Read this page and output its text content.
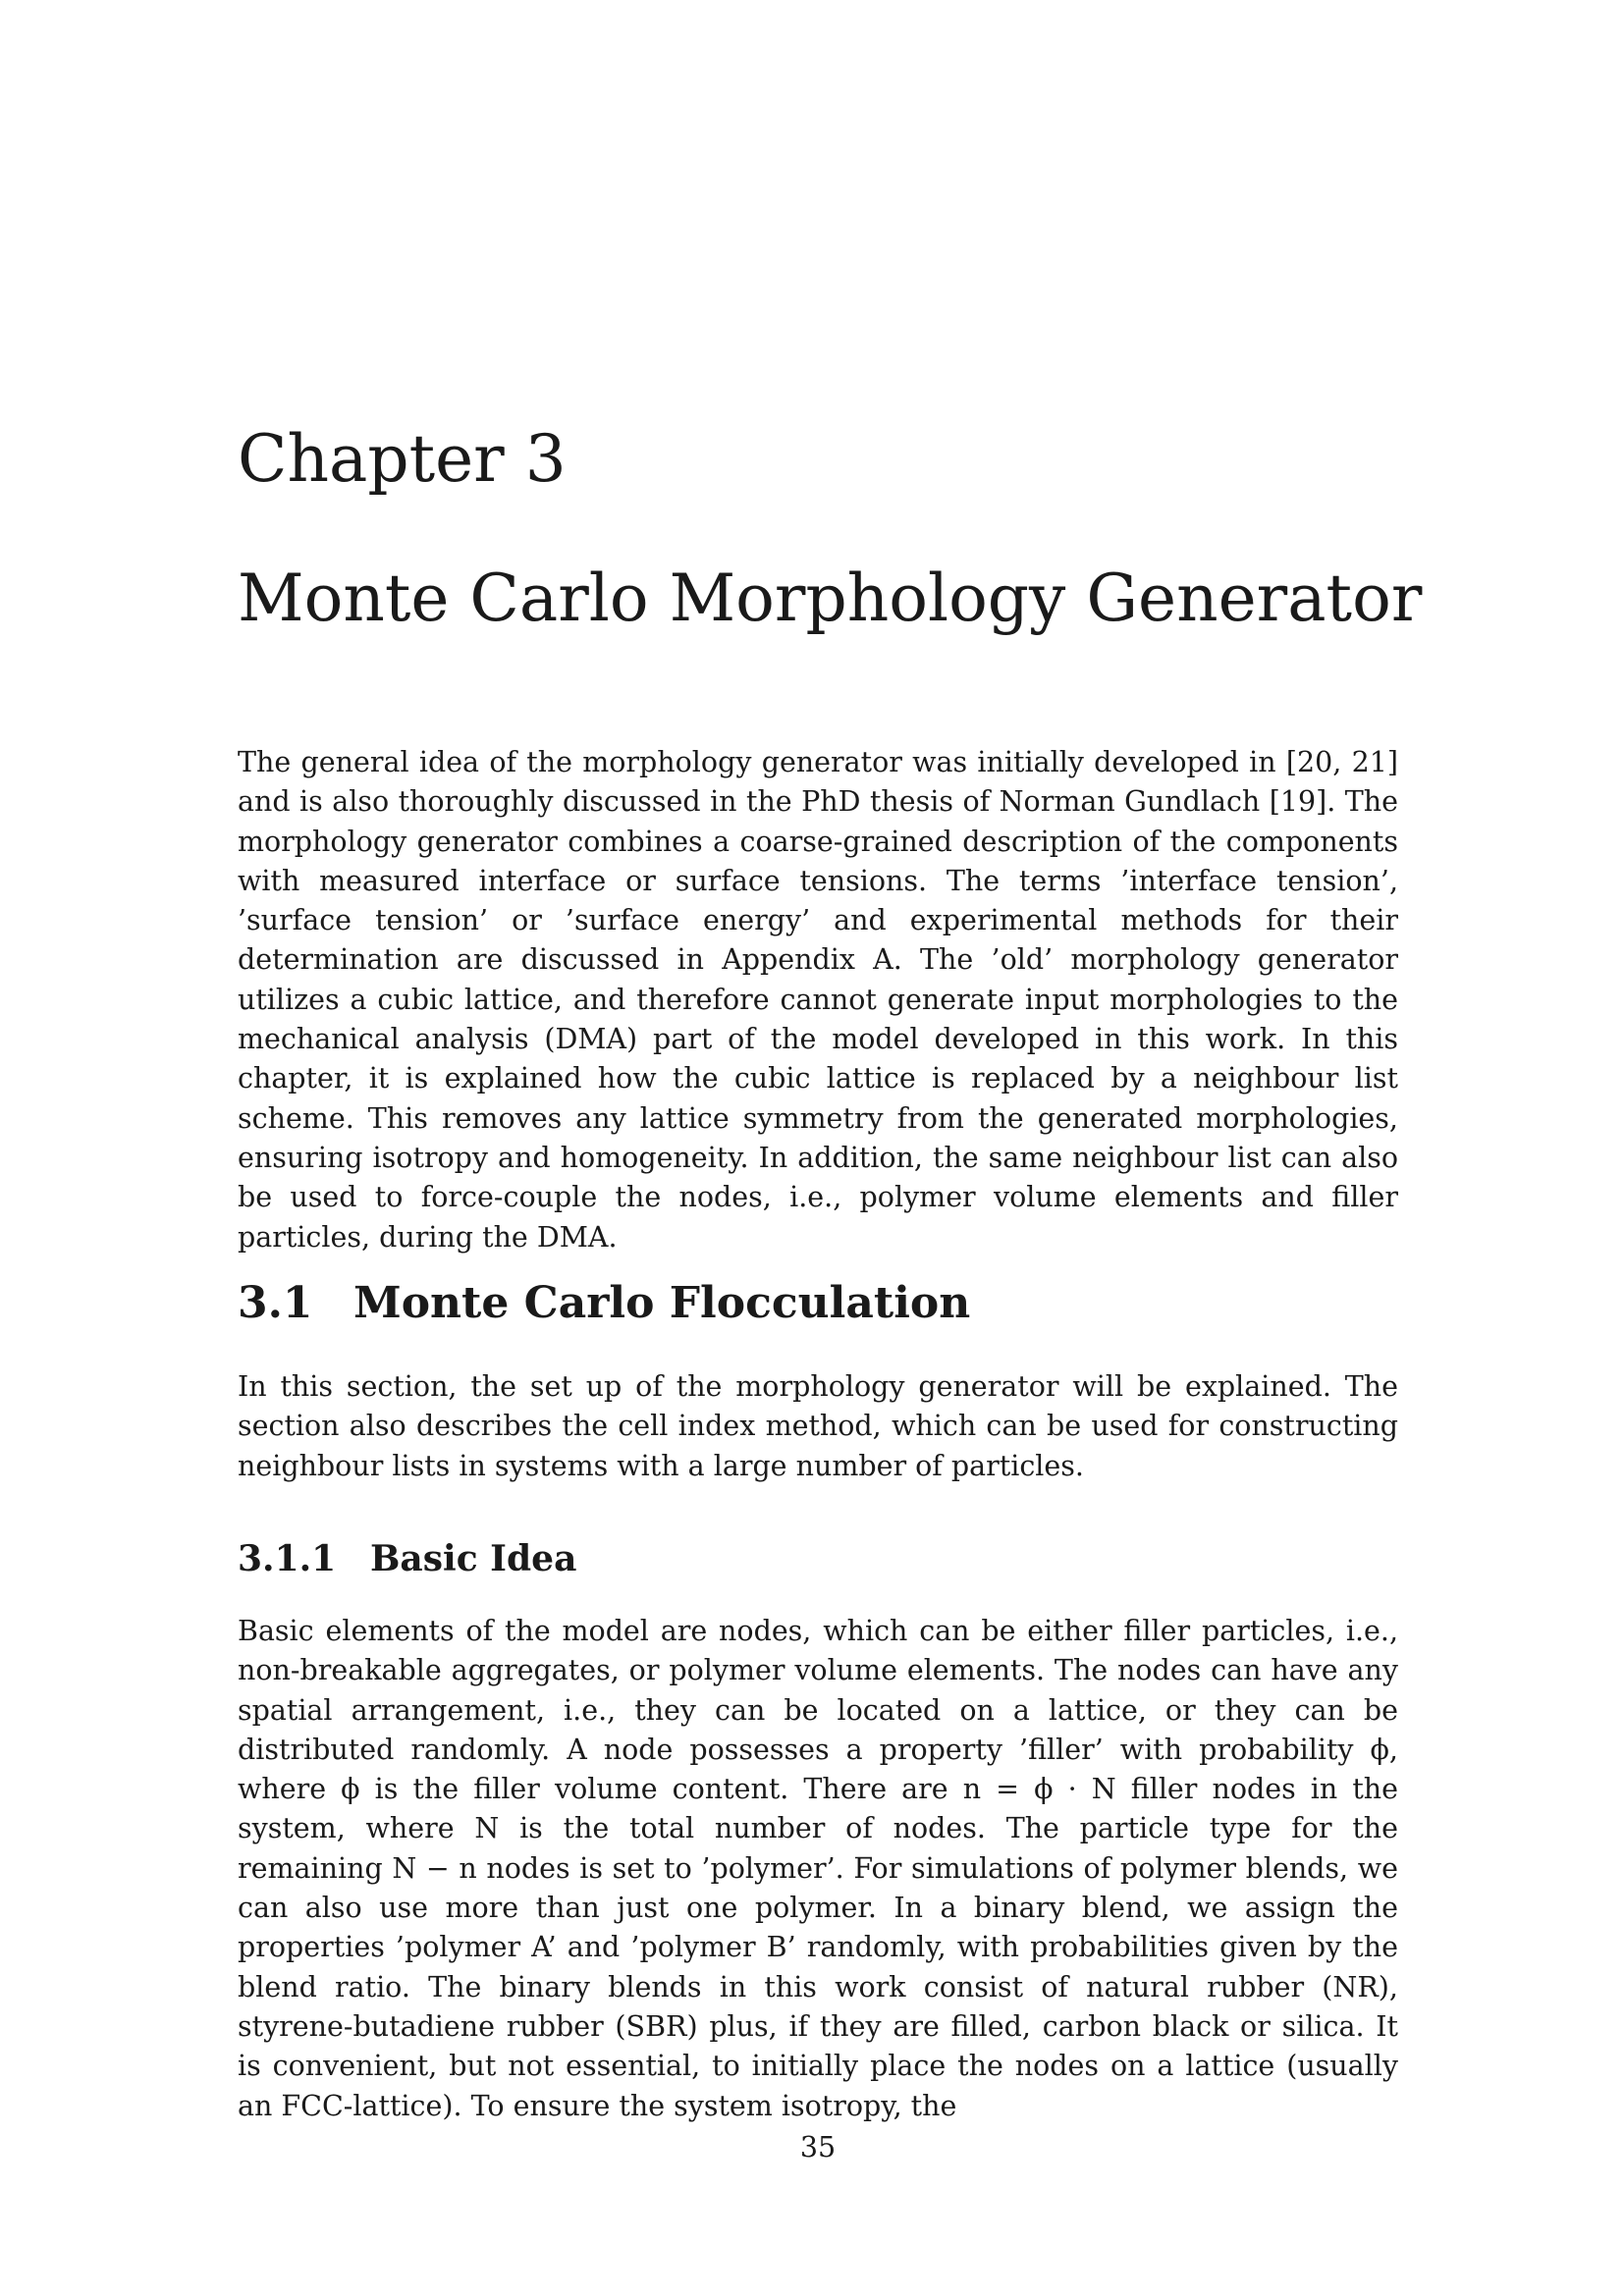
Chapter 3
Monte Carlo Morphology Generator

The general idea of the morphology generator was initially developed in [20, 21] and is also thoroughly discussed in the PhD thesis of Norman Gundlach [19]. The morphology generator combines a coarse-grained description of the components with measured interface or surface tensions. The terms ’interface tension’, ’surface tension’ or ’surface energy’ and experimental methods for their determination are discussed in Appendix A. The ’old’ morphology generator utilizes a cubic lattice, and therefore cannot generate input morphologies to the mechanical analysis (DMA) part of the model developed in this work. In this chapter, it is explained how the cubic lattice is replaced by a neighbour list scheme. This removes any lattice symmetry from the generated morphologies, ensuring isotropy and homogeneity. In addition, the same neighbour list can also be used to force-couple the nodes, i.e., polymer volume elements and filler particles, during the DMA.

3.1 Monte Carlo Flocculation

In this section, the set up of the morphology generator will be explained. The section also describes the cell index method, which can be used for constructing neighbour lists in systems with a large number of particles.

3.1.1 Basic Idea

Basic elements of the model are nodes, which can be either filler particles, i.e., non-breakable aggregates, or polymer volume elements. The nodes can have any spatial arrangement, i.e., they can be located on a lattice, or they can be distributed randomly. A node possesses a property ’filler’ with probability ϕ, where ϕ is the filler volume content. There are n = ϕ · N filler nodes in the system, where N is the total number of nodes. The particle type for the remaining N − n nodes is set to ’polymer’. For simulations of polymer blends, we can also use more than just one polymer. In a binary blend, we assign the properties ’polymer A’ and ’polymer B’ randomly, with probabilities given by the blend ratio. The binary blends in this work consist of natural rubber (NR), styrene-butadiene rubber (SBR) plus, if they are filled, carbon black or silica. It is convenient, but not essential, to initially place the nodes on a lattice (usually an FCC-lattice). To ensure the system isotropy, the

35
